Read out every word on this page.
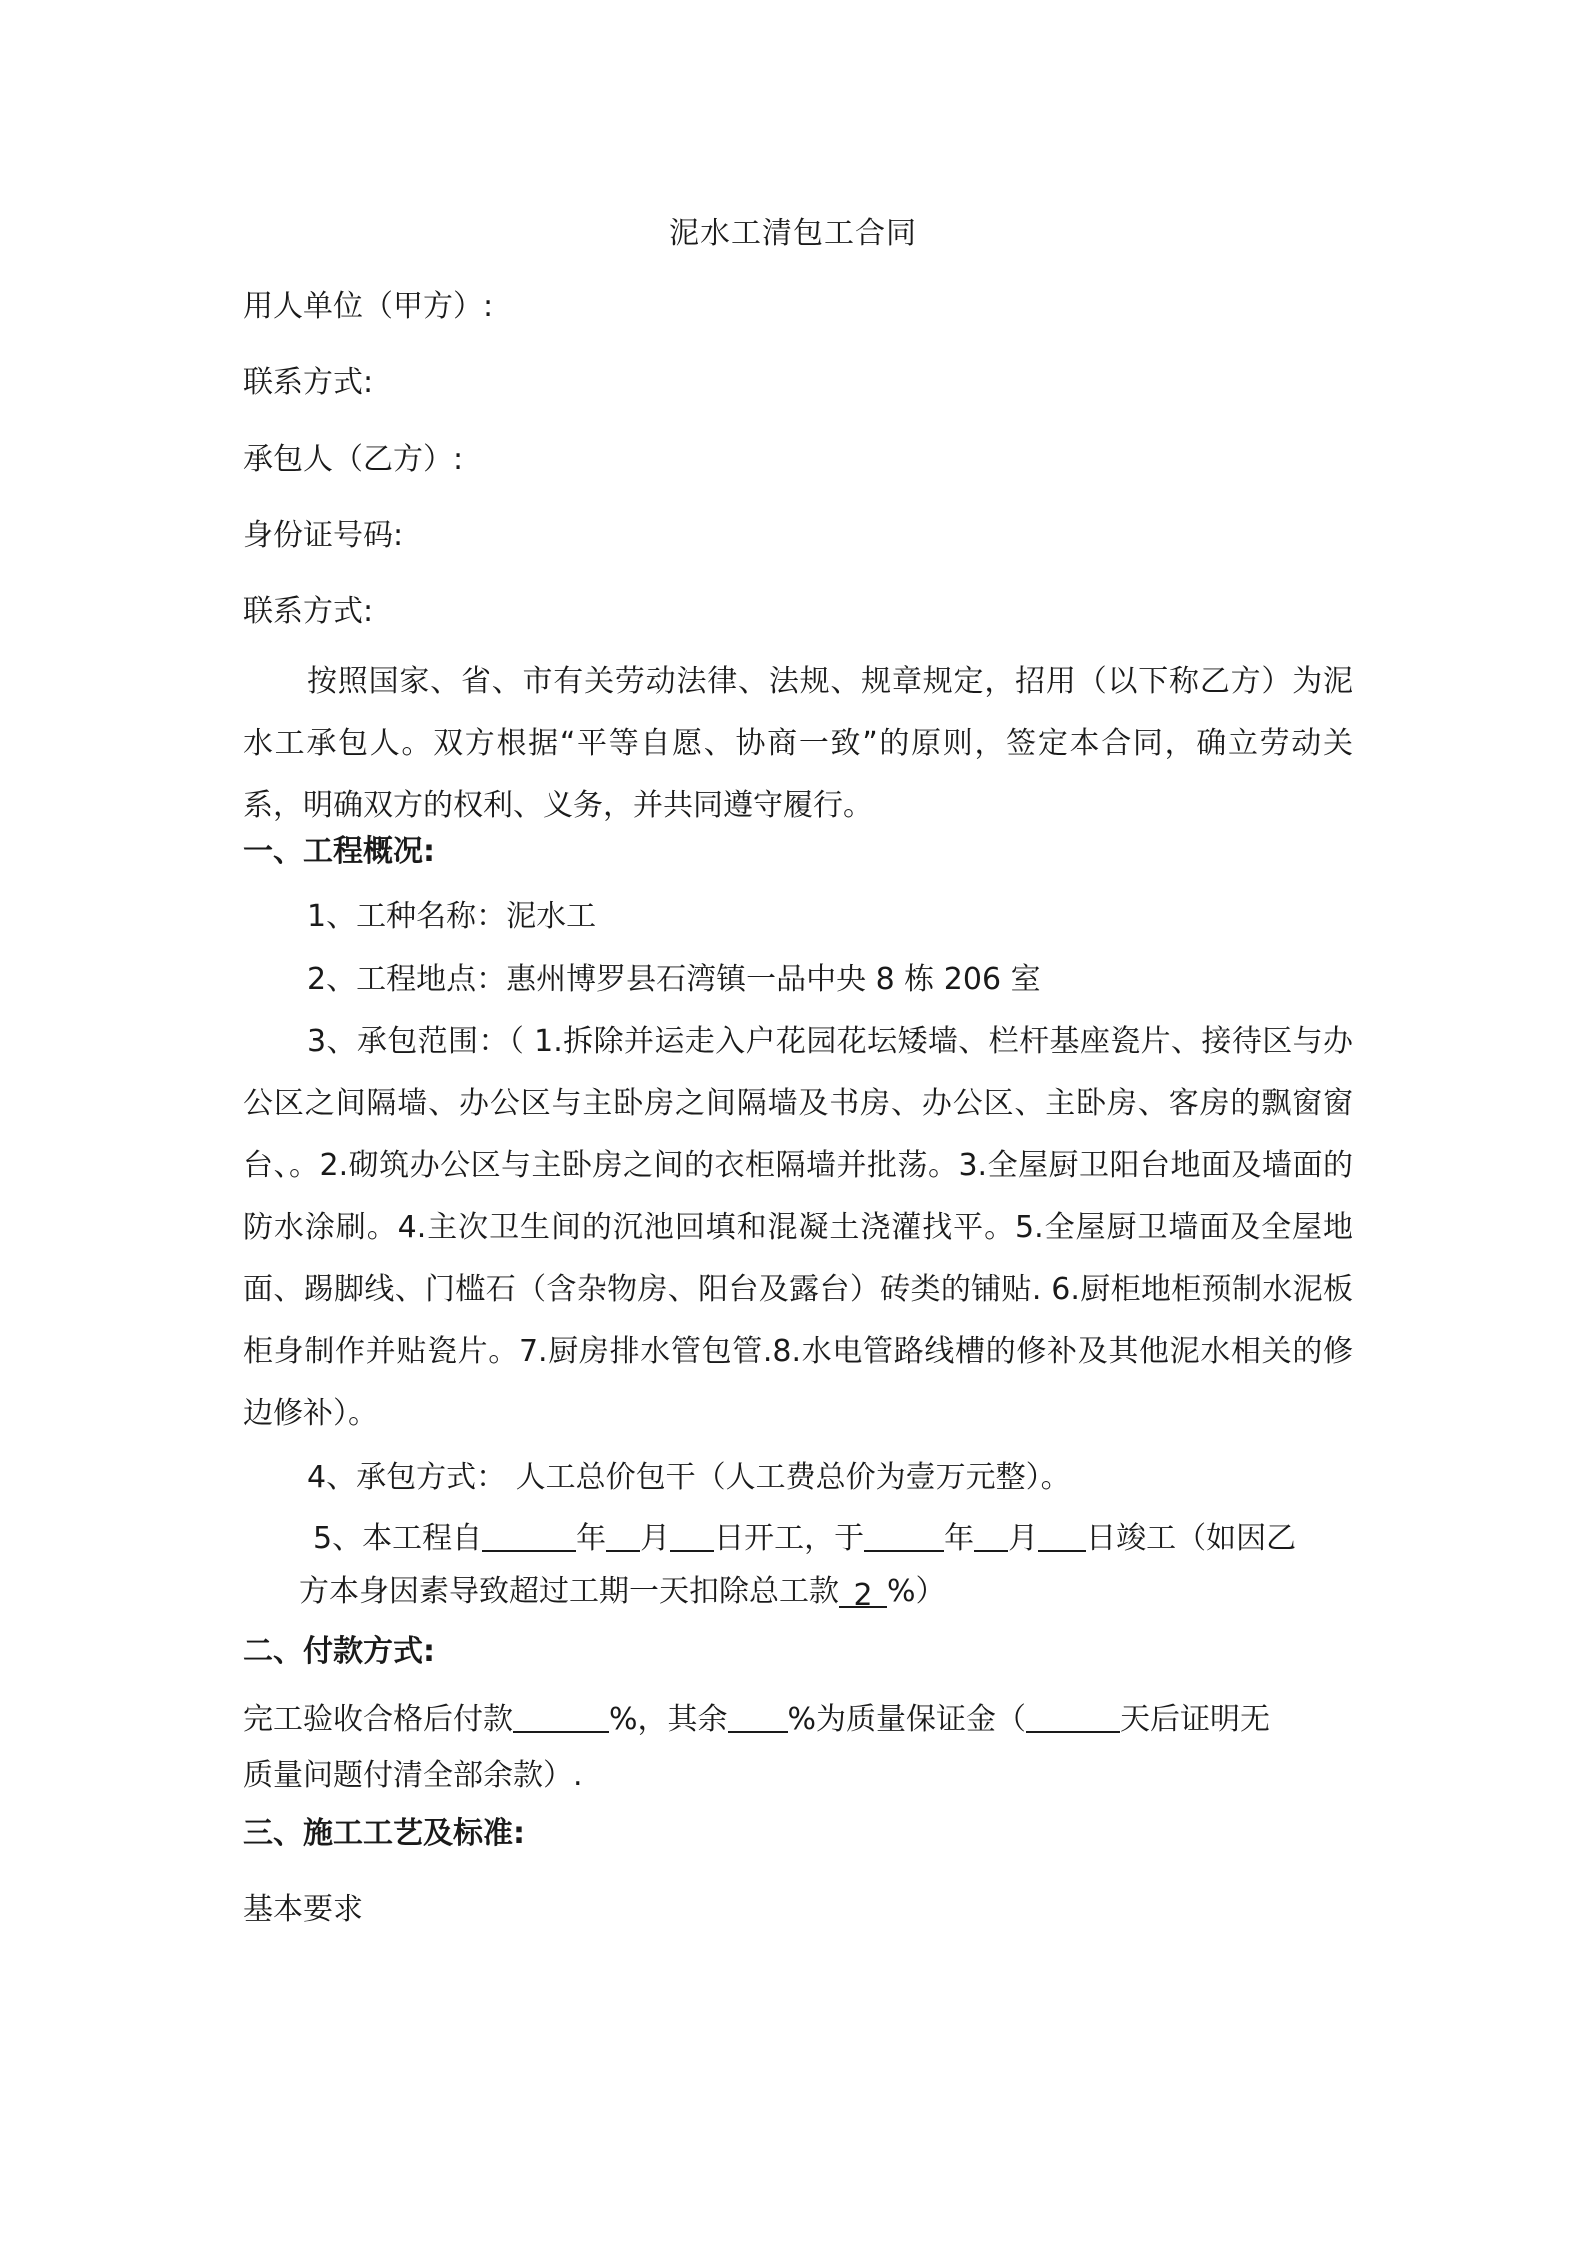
泥水工清包工合同
用人单位（甲方）:
联系方式:
承包人（乙方）:
身份证号码:
联系方式:
按照国家、省、市有关劳动法律、法规、规章规定，招用（以下称乙方）为泥水工承包人。双方根据“平等自愿、协商一致”的原则，签定本合同，确立劳动关系，明确双方的权利、义务，并共同遵守履行。
一、工程概况:
1、工种名称：泥水工
2、工程地点：惠州博罗县石湾镇一品中央 8 栋 206 室
3、承包范围：（ 1.拆除并运走入户花园花坛矮墙、栏杆基座瓷片、接待区与办公区之间隔墙、办公区与主卧房之间隔墙及书房、办公区、主卧房、客房的飘窗窗台、。2.砌筑办公区与主卧房之间的衣柜隔墙并批荡。3.全屋厨卫阳台地面及墙面的防水涂刷。4.主次卫生间的沉池回填和混凝土浇灌找平。5.全屋厨卫墙面及全屋地面、踢脚线、门槛石（含杂物房、阳台及露台）砖类的铺贴. 6.厨柜地柜预制水泥板柜身制作并贴瓷片。7.厨房排水管包管.8.水电管路线槽的修补及其他泥水相关的修边修补）。
4、承包方式： 人工总价包干（人工费总价为壹万元整）。
5、本工程自	年 月 日开工，于	年 月 日竣工（如因乙
方本身因素导致超过工期一天扣除总工款 2 %）
二、付款方式:
完工验收合格后付款	%，其余 %为质量保证金（	天后证明无
质量问题付清全部余款）.
三、施工工艺及标准:
基本要求
